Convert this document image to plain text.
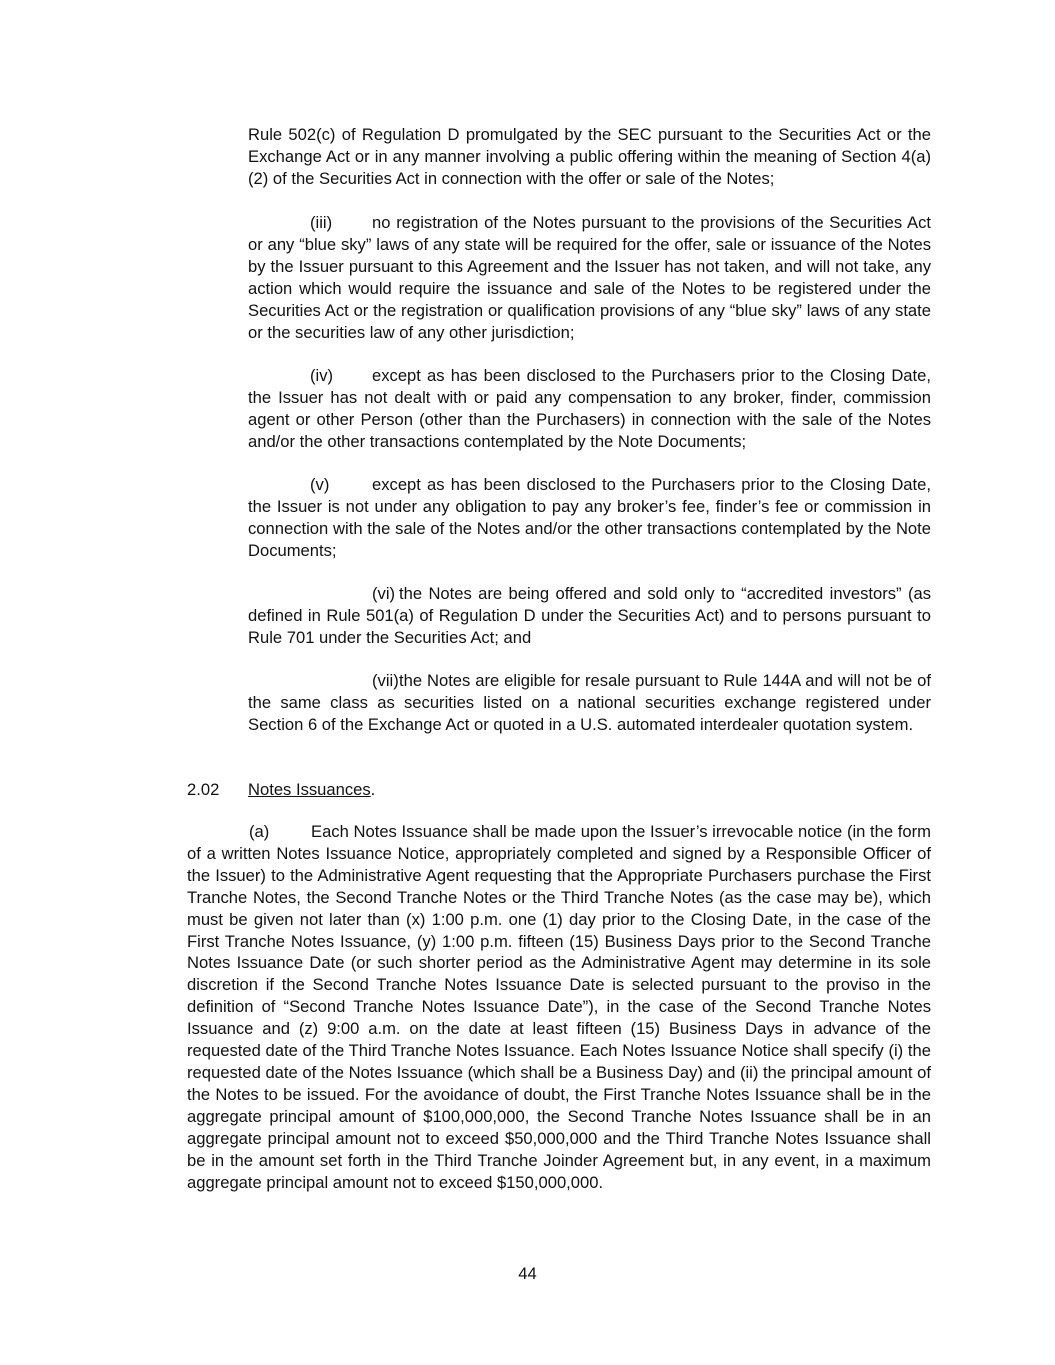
Rule 502(c) of Regulation D promulgated by the SEC pursuant to the Securities Act or the Exchange Act or in any manner involving a public offering within the meaning of Section 4(a)(2) of the Securities Act in connection with the offer or sale of the Notes;

(iii) no registration of the Notes pursuant to the provisions of the Securities Act or any “blue sky” laws of any state will be required for the offer, sale or issuance of the Notes by the Issuer pursuant to this Agreement and the Issuer has not taken, and will not take, any action which would require the issuance and sale of the Notes to be registered under the Securities Act or the registration or qualification provisions of any “blue sky” laws of any state or the securities law of any other jurisdiction;

(iv) except as has been disclosed to the Purchasers prior to the Closing Date, the Issuer has not dealt with or paid any compensation to any broker, finder, commission agent or other Person (other than the Purchasers) in connection with the sale of the Notes and/or the other transactions contemplated by the Note Documents;

(v)	except as has been disclosed to the Purchasers prior to the Closing Date, the Issuer is not under any obligation to pay any broker’s fee, finder’s fee or commission in connection with the sale of the Notes and/or the other transactions contemplated by the Note Documents;

(vi) the Notes are being offered and sold only to “accredited investors” (as defined in Rule 501(a) of Regulation D under the Securities Act) and to persons pursuant to Rule 701 under the Securities Act; and

(vii)the Notes are eligible for resale pursuant to Rule 144A and will not be of the same class as securities listed on a national securities exchange registered under Section 6 of the Exchange Act or quoted in a U.S. automated interdealer quotation system.

2.02 Notes Issuances.

(a)	Each Notes Issuance shall be made upon the Issuer’s irrevocable notice (in the form of a written Notes Issuance Notice, appropriately completed and signed by a Responsible Officer of the Issuer) to the Administrative Agent requesting that the Appropriate Purchasers purchase the First Tranche Notes, the Second Tranche Notes or the Third Tranche Notes (as the case may be), which must be given not later than (x) 1:00 p.m. one (1) day prior to the Closing Date, in the case of the First Tranche Notes Issuance, (y) 1:00 p.m. fifteen (15) Business Days prior to the Second Tranche Notes Issuance Date (or such shorter period as the Administrative Agent may determine in its sole discretion if the Second Tranche Notes Issuance Date is selected pursuant to the proviso in the definition of “Second Tranche Notes Issuance Date”), in the case of the Second Tranche Notes Issuance and (z) 9:00 a.m. on the date at least fifteen (15) Business Days in advance of the requested date of the Third Tranche Notes Issuance. Each Notes Issuance Notice shall specify (i) the requested date of the Notes Issuance (which shall be a Business Day) and (ii) the principal amount of the Notes to be issued. For the avoidance of doubt, the First Tranche Notes Issuance shall be in the aggregate principal amount of $100,000,000, the Second Tranche Notes Issuance shall be in an aggregate principal amount not to exceed $50,000,000 and the Third Tranche Notes Issuance shall be in the amount set forth in the Third Tranche Joinder Agreement but, in any event, in a maximum aggregate principal amount not to exceed $150,000,000.

44
